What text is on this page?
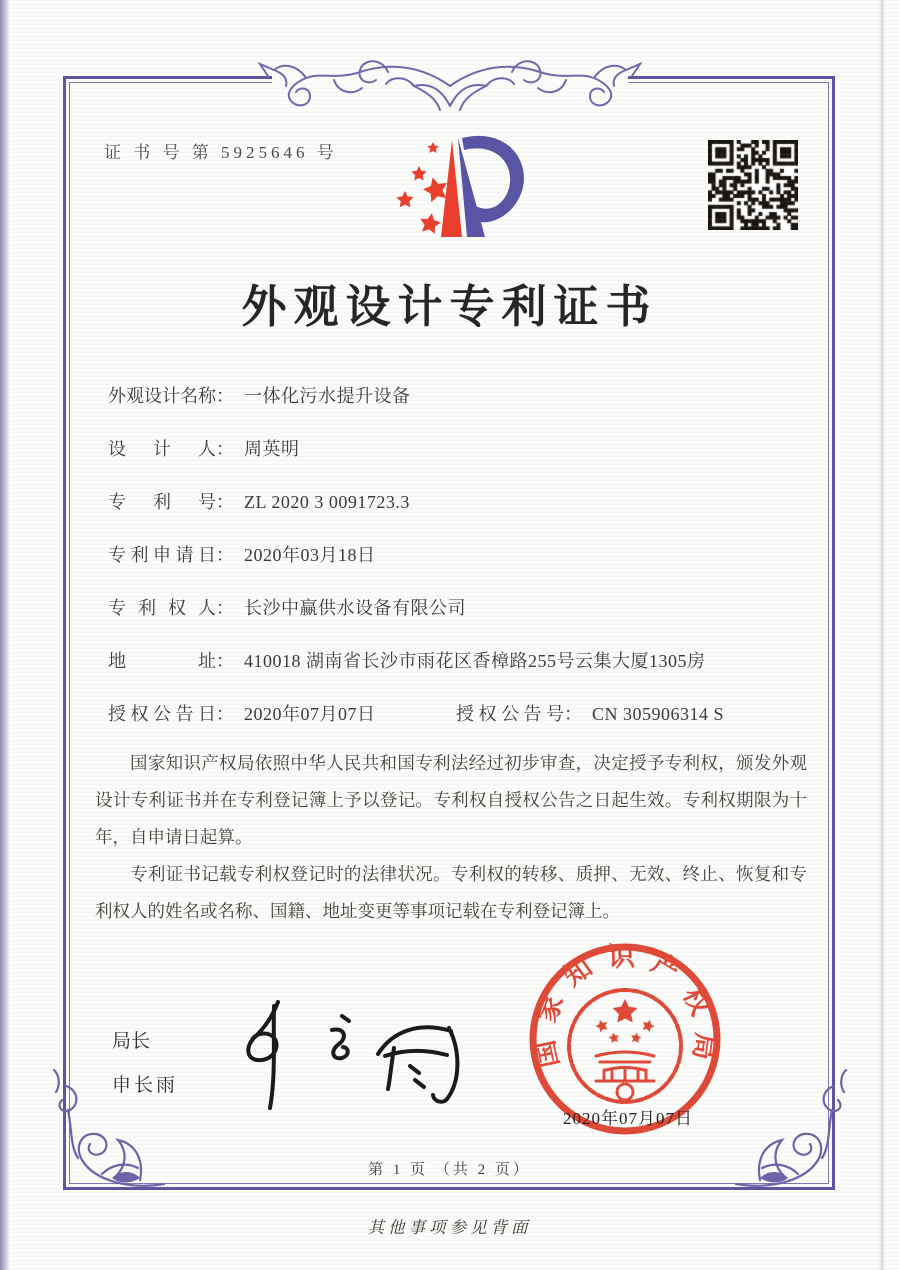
证 书 号 第 5925646 号
外观设计专利证书
外观设计名称： 一体化污水提升设备
设计人： 周英明
专利号： ZL 2020 3 0091723.3
专利申请日： 2020年03月18日
专利权人： 长沙中赢供水设备有限公司
地址： 410018 湖南省长沙市雨花区香樟路255号云集大厦1305房
授权公告日： 2020年07月07日	授权公告号： CN 305906314 S

国家知识产权局依照中华人民共和国专利法经过初步审查，决定授予专利权，颁发外观设计专利证书并在专利登记簿上予以登记。专利权自授权公告之日起生效。专利权期限为十年，自申请日起算。

专利证书记载专利权登记时的法律状况。专利权的转移、质押、无效、终止、恢复和专利权人的姓名或名称、国籍、地址变更等事项记载在专利登记簿上。

局长
申长雨
国家知识产权局
2020年07月07日
第 1 页 （共 2 页）
其他事项参见背面
